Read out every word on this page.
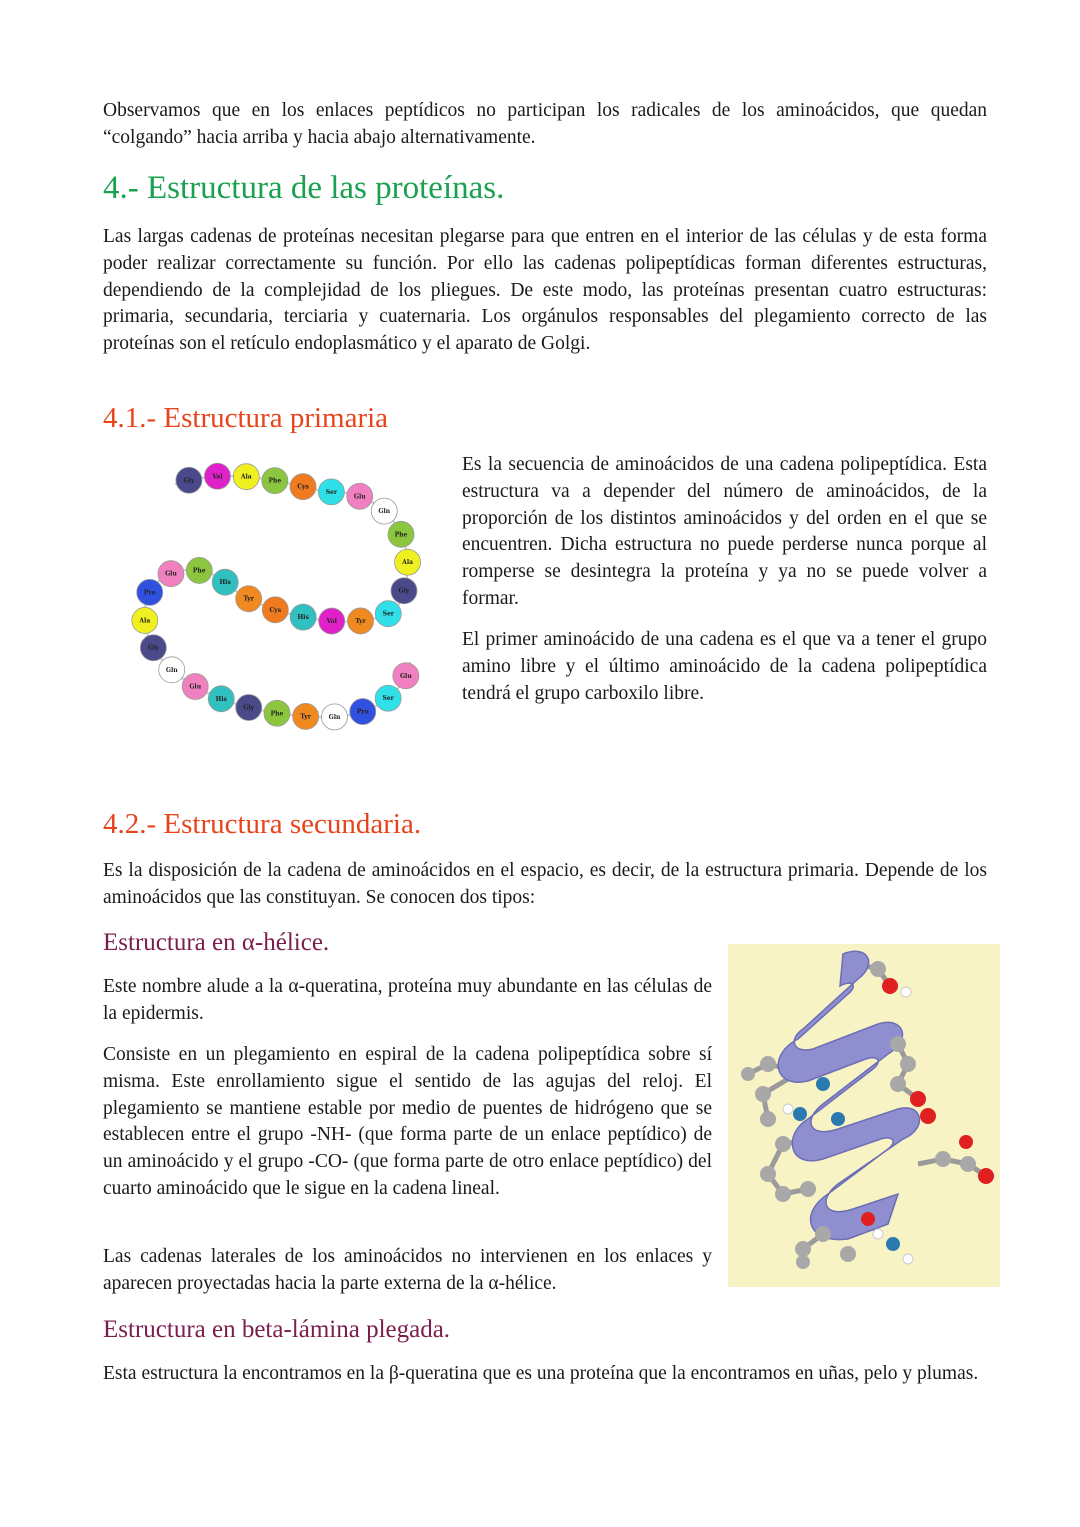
Observamos que en los enlaces peptídicos no participan los radicales de los aminoácidos, que quedan “colgando” hacia arriba y hacia abajo alternativamente.

4.- Estructura de las proteínas.

Las largas cadenas de proteínas necesitan plegarse para que entren en el interior de las células y de esta forma poder realizar correctamente su función. Por ello las cadenas polipeptídicas forman diferentes estructuras, dependiendo de la complejidad de los pliegues. De este modo, las proteínas presentan cuatro estructuras: primaria, secundaria, terciaria y cuaternaria. Los orgánulos responsables del plegamiento correcto de las proteínas son el retículo endoplasmático y el aparato de Golgi.

4.1.- Estructura primaria
Gly
Val	Ala
Phe
Cys
Ser
Glu
Gln
Phe
Ala
Gly
Ser
Tyr
Val
His
Cys
Tyr
His
Phe
Glu
Pro
Ala
Gly
Gln
Glu
His
Gly
Phe	Tyr	Gln
Pro
Ser
Glu

Es la secuencia de aminoácidos de una cadena polipeptídica. Esta estructura va a depender del número de aminoácidos, de la proporción de los distintos aminoácidos y del orden en el que se encuentren. Dicha estructura no puede perderse nunca porque al romperse se desintegra la proteína y ya no se puede volver a formar.

El primer aminoácido de una cadena es el que va a tener el grupo amino libre y el último aminoácido de la cadena polipeptídica tendrá el grupo carboxilo libre.

4.2.- Estructura secundaria.

Es la disposición de la cadena de aminoácidos en el espacio, es decir, de la estructura primaria. Depende de los aminoácidos que las constituyan. Se conocen dos tipos:

Estructura en α-hélice.

Este nombre alude a la α-queratina, proteína muy abundante en las células de la epidermis.

Consiste en un plegamiento en espiral de la cadena polipeptídica sobre sí misma. Este enrollamiento sigue el sentido de las agujas del reloj. El plegamiento se mantiene estable por medio de puentes de hidrógeno que se establecen entre el grupo -NH- (que forma parte de un enlace peptídico) de un aminoácido y el grupo -CO- (que forma parte de otro enlace peptídico) del cuarto aminoácido que le sigue en la cadena lineal.

Las cadenas laterales de los aminoácidos no intervienen en los enlaces y aparecen proyectadas hacia la parte externa de la α-hélice.

Estructura en beta-lámina plegada.

Esta estructura la encontramos en la β-queratina que es una proteína que la encontramos en uñas, pelo y plumas.
